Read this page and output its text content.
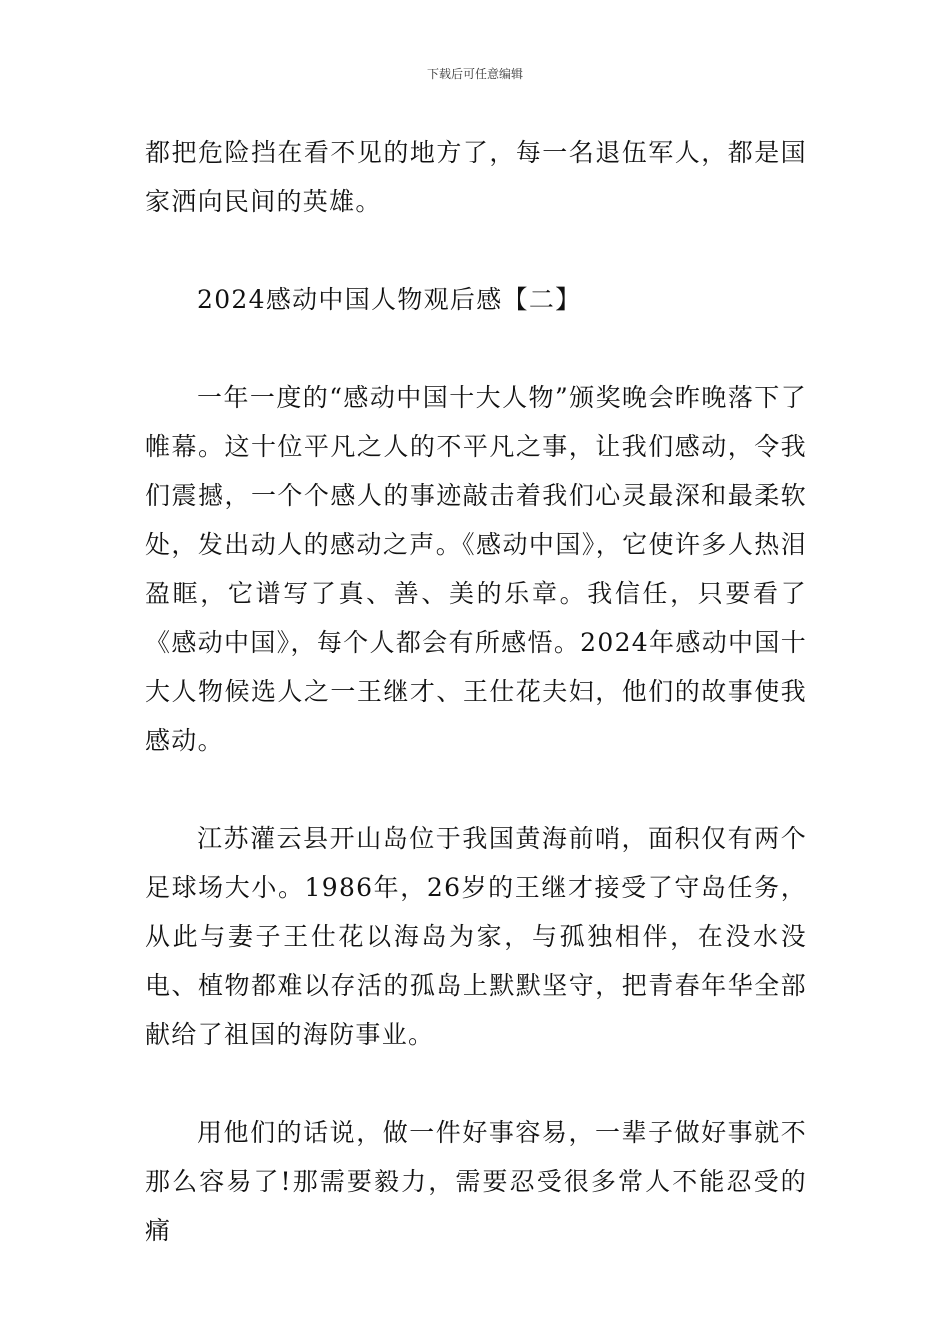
下载后可任意编辑

都把危险挡在看不见的地方了，每一名退伍军人，都是国家洒向民间的英雄。

2024感动中国人物观后感【二】

一年一度的“感动中国十大人物”颁奖晚会昨晚落下了帷幕。这十位平凡之人的不平凡之事，让我们感动，令我们震撼，一个个感人的事迹敲击着我们心灵最深和最柔软处，发出动人的感动之声。《感动中国》，它使许多人热泪盈眶，它谱写了真、善、美的乐章。我信任，只要看了《感动中国》，每个人都会有所感悟。2024年感动中国十大人物候选人之一王继才、王仕花夫妇，他们的故事使我感动。

江苏灌云县开山岛位于我国黄海前哨，面积仅有两个足球场大小。1986年，26岁的王继才接受了守岛任务，从此与妻子王仕花以海岛为家，与孤独相伴，在没水没电、植物都难以存活的孤岛上默默坚守，把青春年华全部献给了祖国的海防事业。

用他们的话说，做一件好事容易，一辈子做好事就不那么容易了!那需要毅力，需要忍受很多常人不能忍受的痛
